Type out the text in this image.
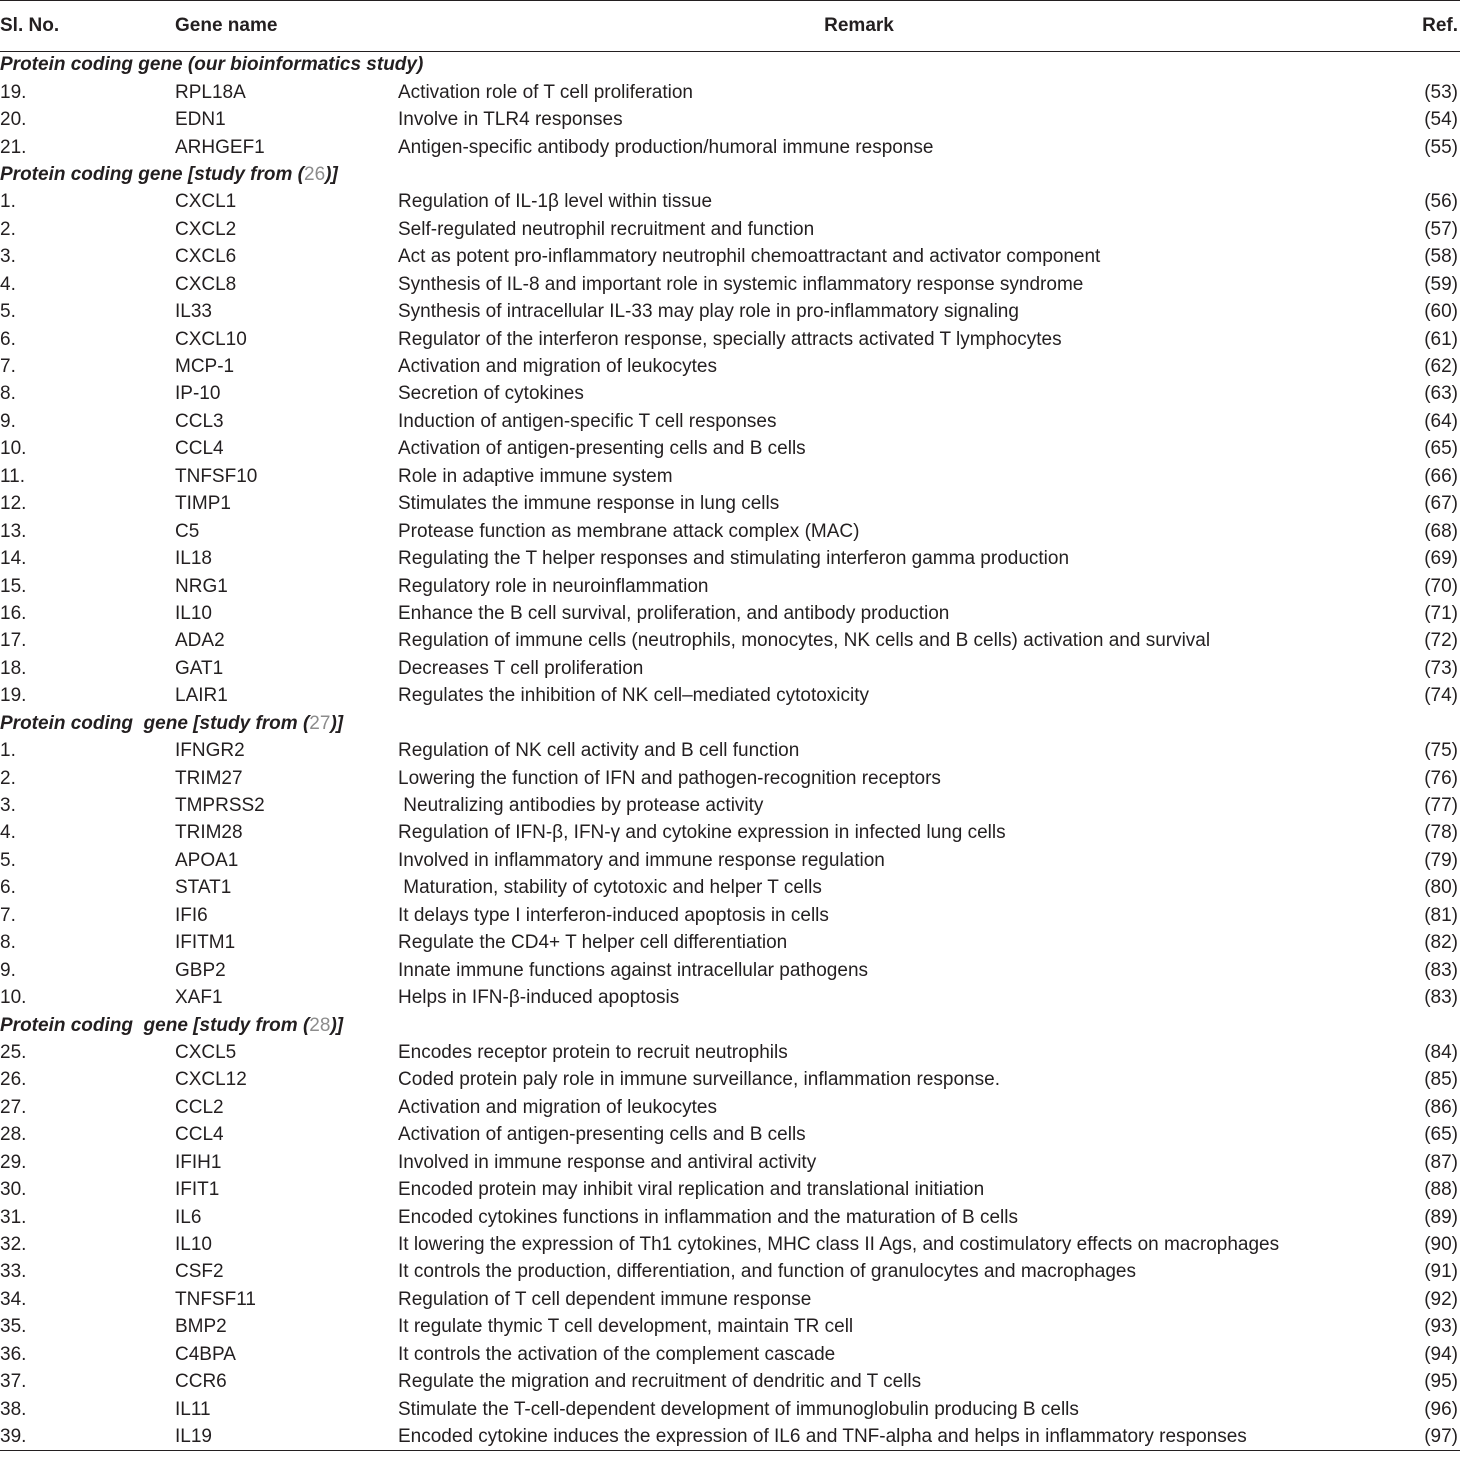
Sl. No.	Gene name	Remark	Ref.
Protein coding gene (our bioinformatics study)			
19.	RPL18A	Activation role of T cell proliferation	(53)
20.	EDN1	Involve in TLR4 responses	(54)
21.	ARHGEF1	Antigen-specific antibody production/humoral immune response	(55)
Protein coding gene [study from (26)]			
1.	CXCL1	Regulation of IL-1β level within tissue	(56)
2.	CXCL2	Self-regulated neutrophil recruitment and function	(57)
3.	CXCL6	Act as potent pro-inflammatory neutrophil chemoattractant and activator component	(58)
4.	CXCL8	Synthesis of IL-8 and important role in systemic inflammatory response syndrome	(59)
5.	IL33	Synthesis of intracellular IL-33 may play role in pro-inflammatory signaling	(60)
6.	CXCL10	Regulator of the interferon response, specially attracts activated T lymphocytes	(61)
7.	MCP-1	Activation and migration of leukocytes	(62)
8.	IP-10	Secretion of cytokines	(63)
9.	CCL3	Induction of antigen-specific T cell responses	(64)
10.	CCL4	Activation of antigen-presenting cells and B cells	(65)
11.	TNFSF10	Role in adaptive immune system	(66)
12.	TIMP1	Stimulates the immune response in lung cells	(67)
13.	C5	Protease function as membrane attack complex (MAC)	(68)
14.	IL18	Regulating the T helper responses and stimulating interferon gamma production	(69)
15.	NRG1	Regulatory role in neuroinflammation	(70)
16.	IL10	Enhance the B cell survival, proliferation, and antibody production	(71)
17.	ADA2	Regulation of immune cells (neutrophils, monocytes, NK cells and B cells) activation and survival	(72)
18.	GAT1	Decreases T cell proliferation	(73)
19.	LAIR1	Regulates the inhibition of NK cell–mediated cytotoxicity	(74)
Protein coding  gene [study from (27)]			
1.	IFNGR2	Regulation of NK cell activity and B cell function	(75)
2.	TRIM27	Lowering the function of IFN and pathogen-recognition receptors	(76)
3.	TMPRSS2	Neutralizing antibodies by protease activity	(77)
4.	TRIM28	Regulation of IFN-β, IFN-γ and cytokine expression in infected lung cells	(78)
5.	APOA1	Involved in inflammatory and immune response regulation	(79)
6.	STAT1	Maturation, stability of cytotoxic and helper T cells	(80)
7.	IFI6	It delays type I interferon-induced apoptosis in cells	(81)
8.	IFITM1	Regulate the CD4+ T helper cell differentiation	(82)
9.	GBP2	Innate immune functions against intracellular pathogens	(83)
10.	XAF1	Helps in IFN-β-induced apoptosis	(83)
Protein coding  gene [study from (28)]			
25.	CXCL5	Encodes receptor protein to recruit neutrophils	(84)
26.	CXCL12	Coded protein paly role in immune surveillance, inflammation response.	(85)
27.	CCL2	Activation and migration of leukocytes	(86)
28.	CCL4	Activation of antigen-presenting cells and B cells	(65)
29.	IFIH1	Involved in immune response and antiviral activity	(87)
30.	IFIT1	Encoded protein may inhibit viral replication and translational initiation	(88)
31.	IL6	Encoded cytokines functions in inflammation and the maturation of B cells	(89)
32.	IL10	It lowering the expression of Th1 cytokines, MHC class II Ags, and costimulatory effects on macrophages	(90)
33.	CSF2	It controls the production, differentiation, and function of granulocytes and macrophages	(91)
34.	TNFSF11	Regulation of T cell dependent immune response	(92)
35.	BMP2	It regulate thymic T cell development, maintain TR cell	(93)
36.	C4BPA	It controls the activation of the complement cascade	(94)
37.	CCR6	Regulate the migration and recruitment of dendritic and T cells	(95)
38.	IL11	Stimulate the T-cell-dependent development of immunoglobulin producing B cells	(96)
39.	IL19	Encoded cytokine induces the expression of IL6 and TNF-alpha and helps in inflammatory responses	(97)
